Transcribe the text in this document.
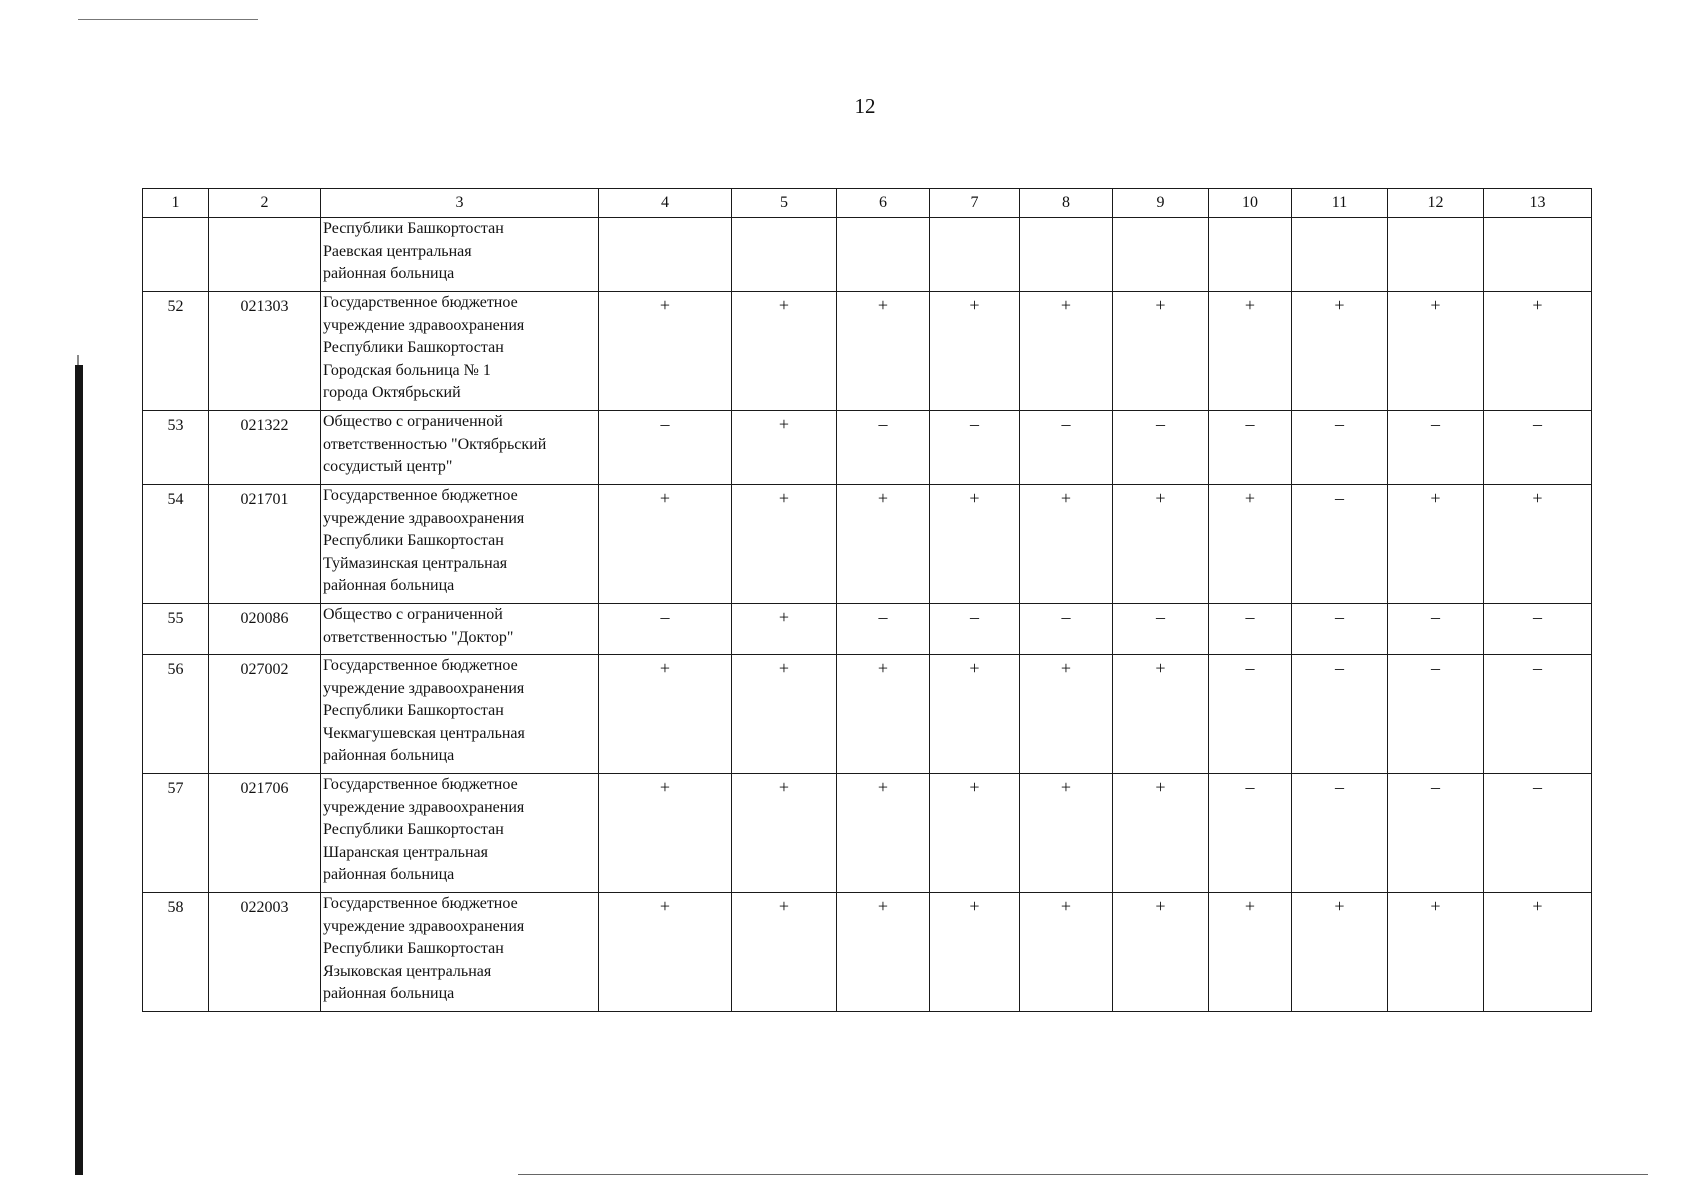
12
1	2	3	4	5	6	7	8	9	10	11	12	13
		Республики Башкортостан
Раевская центральная
районная больница										
52	021303	Государственное бюджетное
учреждение здравоохранения
Республики Башкортостан
Городская больница № 1
города Октябрьский	+	+	+	+	+	+	+	+	+	+
53	021322	Общество с ограниченной
ответственностью "Октябрьский
сосудистый центр"	–	+	–	–	–	–	–	–	–	–
54	021701	Государственное бюджетное
учреждение здравоохранения
Республики Башкортостан
Туймазинская центральная
районная больница	+	+	+	+	+	+	+	–	+	+
55	020086	Общество с ограниченной
ответственностью "Доктор"	–	+	–	–	–	–	–	–	–	–
56	027002	Государственное бюджетное
учреждение здравоохранения
Республики Башкортостан
Чекмагушевская центральная
районная больница	+	+	+	+	+	+	–	–	–	–
57	021706	Государственное бюджетное
учреждение здравоохранения
Республики Башкортостан
Шаранская центральная
районная больница	+	+	+	+	+	+	–	–	–	–
58	022003	Государственное бюджетное
учреждение здравоохранения
Республики Башкортостан
Языковская центральная
районная больница	+	+	+	+	+	+	+	+	+	+
